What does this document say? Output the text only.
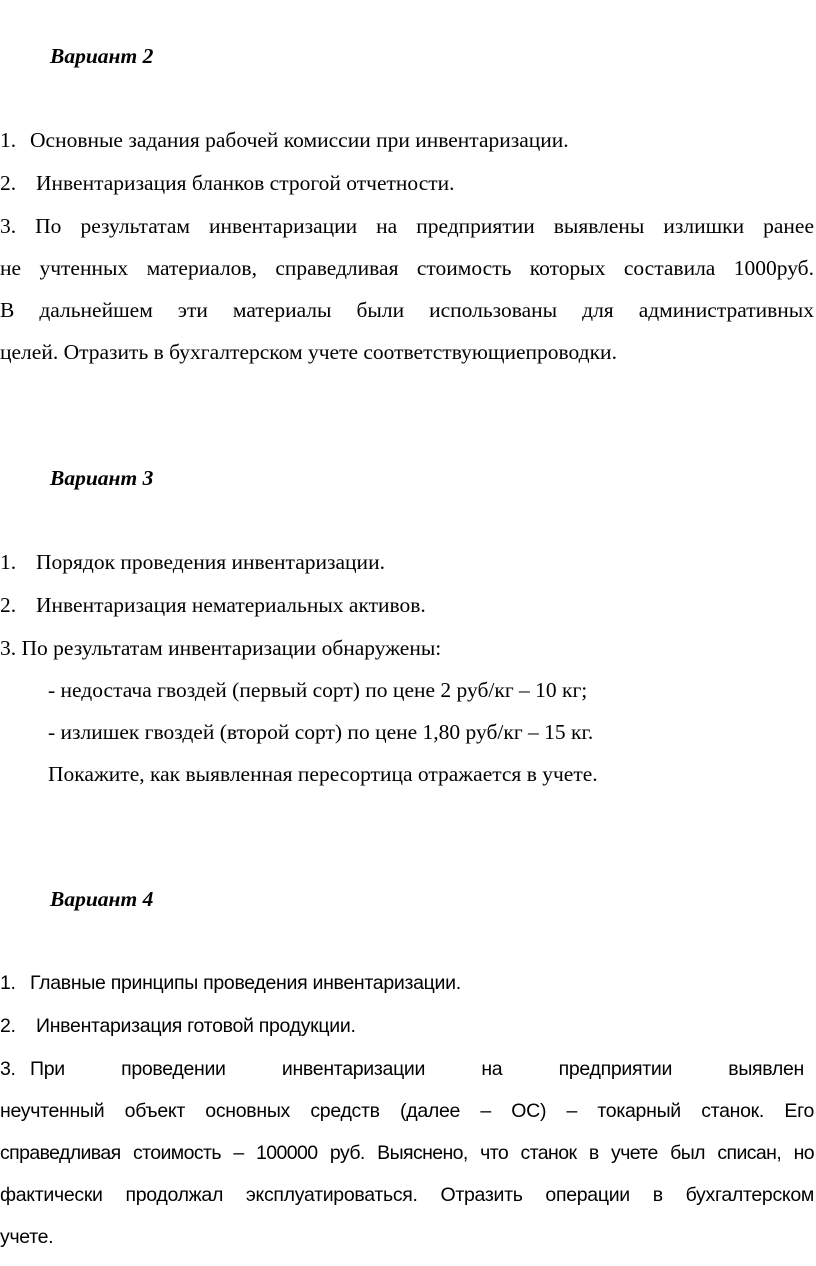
Вариант 2
1. Основные задания рабочей комиссии при инвентаризации.
2. Инвентаризация бланков строгой отчетности.
3. По результатам инвентаризации на предприятии выявлены излишки ранее
не учтенных материалов, справедливая стоимость которых составила 1000руб.
В дальнейшем эти материалы были использованы для административных
целей. Отразить в бухгалтерском учете соответствующиепроводки.
Вариант 3
1. Порядок проведения инвентаризации.
2. Инвентаризация нематериальных активов.
3. По результатам инвентаризации обнаружены:
- недостача гвоздей (первый сорт) по цене 2 руб/кг – 10 кг;
- излишек гвоздей (второй сорт) по цене 1,80 руб/кг – 15 кг.
Покажите, как выявленная пересортица отражается в учете.
Вариант 4
1. Главные принципы проведения инвентаризации.
2. Инвентаризация готовой продукции.
3. При проведении инвентаризации на предприятии выявлен
неучтенный объект основных средств (далее – ОС) – токарный станок. Его
справедливая стоимость – 100000 руб. Выяснено, что станок в учете был списан, но
фактически продолжал эксплуатироваться. Отразить операции в бухгалтерском
учете.
